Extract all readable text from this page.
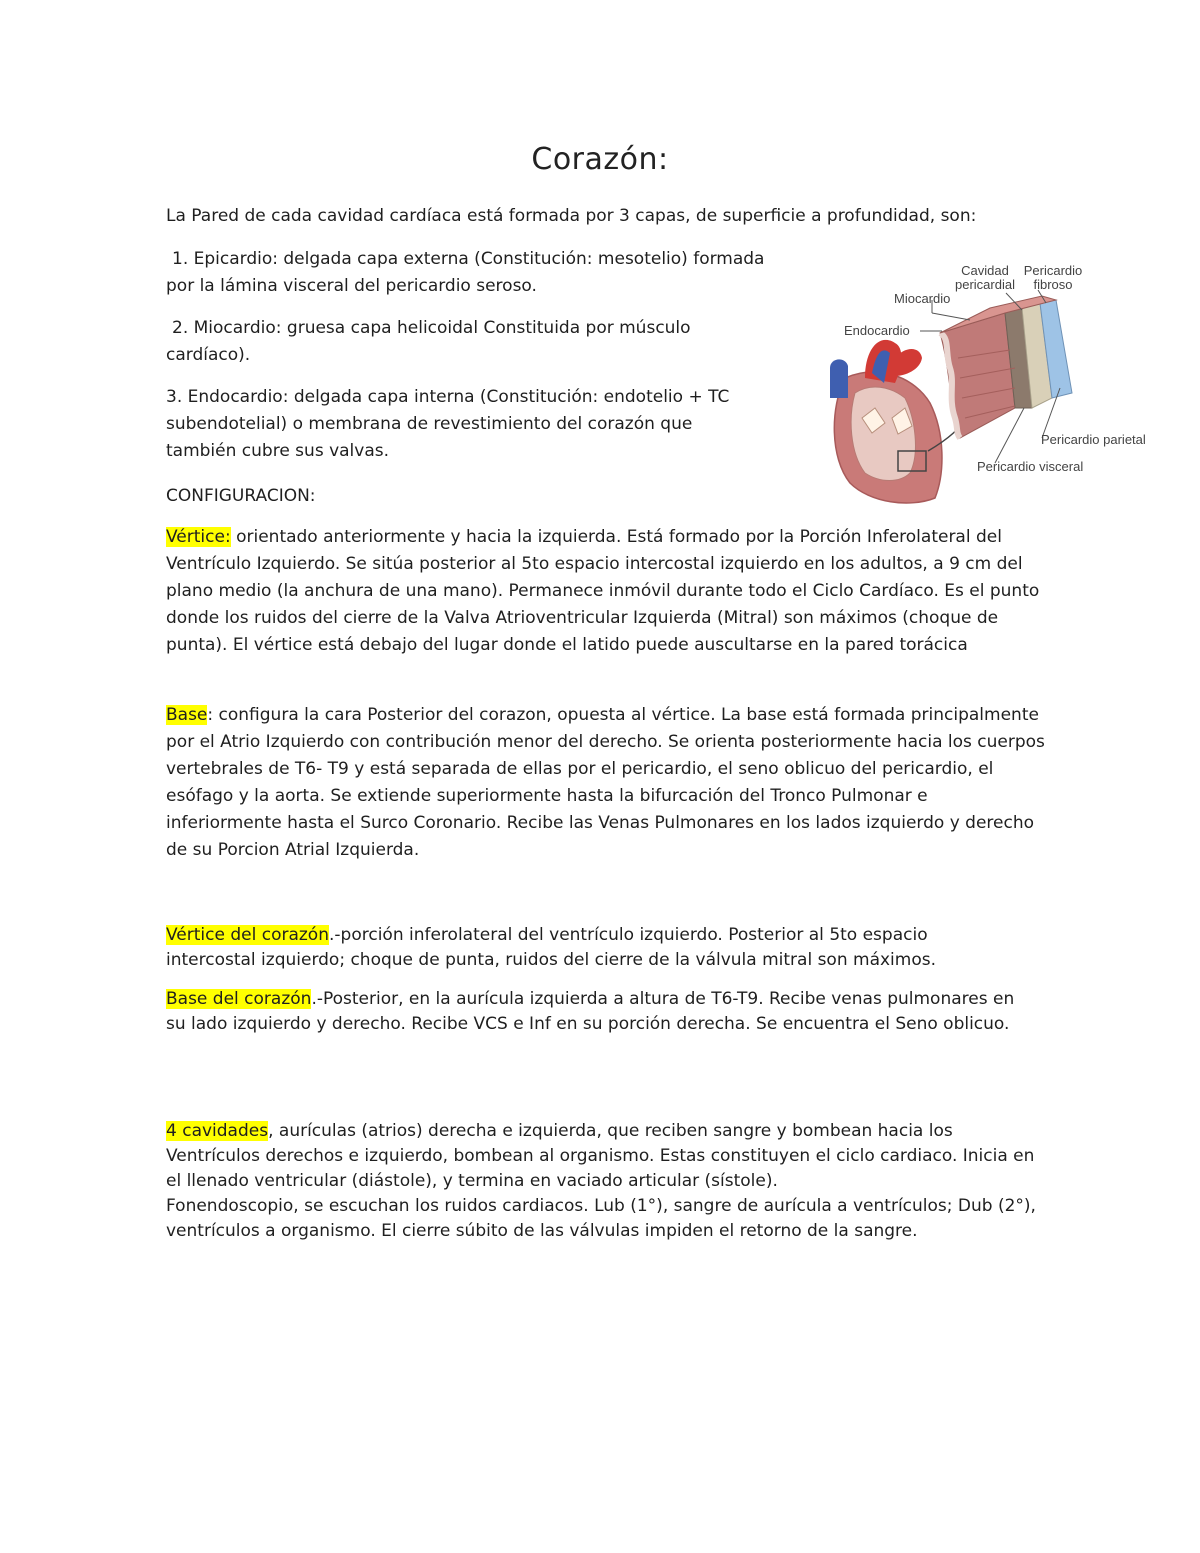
Corazón:
La Pared de cada cavidad cardíaca está formada por 3 capas, de superficie a profundidad, son:
1. Epicardio: delgada capa externa (Constitución: mesotelio) formada por la lámina visceral del pericardio seroso.
2. Miocardio: gruesa capa helicoidal Constituida por músculo cardíaco).
3. Endocardio: delgada capa interna (Constitución: endotelio + TC subendotelial) o membrana de revestimiento del corazón que también cubre sus valvas.
CONFIGURACION:
Vértice: orientado anteriormente y hacia la izquierda. Está formado por la Porción Inferolateral del Ventrículo Izquierdo. Se sitúa posterior al 5to espacio intercostal izquierdo en los adultos, a 9 cm del plano medio (la anchura de una mano). Permanece inmóvil durante todo el Ciclo Cardíaco. Es el punto donde los ruidos del cierre de la Valva Atrioventricular Izquierda (Mitral) son máximos (choque de punta). El vértice está debajo del lugar donde el latido puede auscultarse en la pared torácica
Base: configura la cara Posterior del corazon, opuesta al vértice. La base está formada principalmente por el Atrio Izquierdo con contribución menor del derecho. Se orienta posteriormente hacia los cuerpos vertebrales de T6- T9 y está separada de ellas por el pericardio, el seno oblicuo del pericardio, el esófago y la aorta. Se extiende superiormente hasta la bifurcación del Tronco Pulmonar e inferiormente hasta el Surco Coronario. Recibe las Venas Pulmonares en los lados izquierdo y derecho de su Porcion Atrial Izquierda.
Vértice del corazón.-porción inferolateral del ventrículo izquierdo. Posterior al 5to espacio intercostal izquierdo; choque de punta, ruidos del cierre de la válvula mitral son máximos.
Base del corazón.-Posterior, en la aurícula izquierda a altura de T6-T9. Recibe venas pulmonares en su lado izquierdo y derecho. Recibe VCS e Inf en su porción derecha. Se encuentra el Seno oblicuo.
4 cavidades, aurículas (atrios) derecha e izquierda, que reciben sangre y bombean hacia los Ventrículos derechos e izquierdo, bombean al organismo. Estas constituyen el ciclo cardiaco. Inicia en el llenado ventricular (diástole), y termina en vaciado articular (sístole).
Fonendoscopio, se escuchan los ruidos cardiacos. Lub (1°), sangre de aurícula a ventrículos; Dub (2°), ventrículos a organismo. El cierre súbito de las válvulas impiden el retorno de la sangre.
Cavidad pericardial
Pericardio fibroso
Miocardio
Endocardio
Pericardio parietal
Pericardio visceral
